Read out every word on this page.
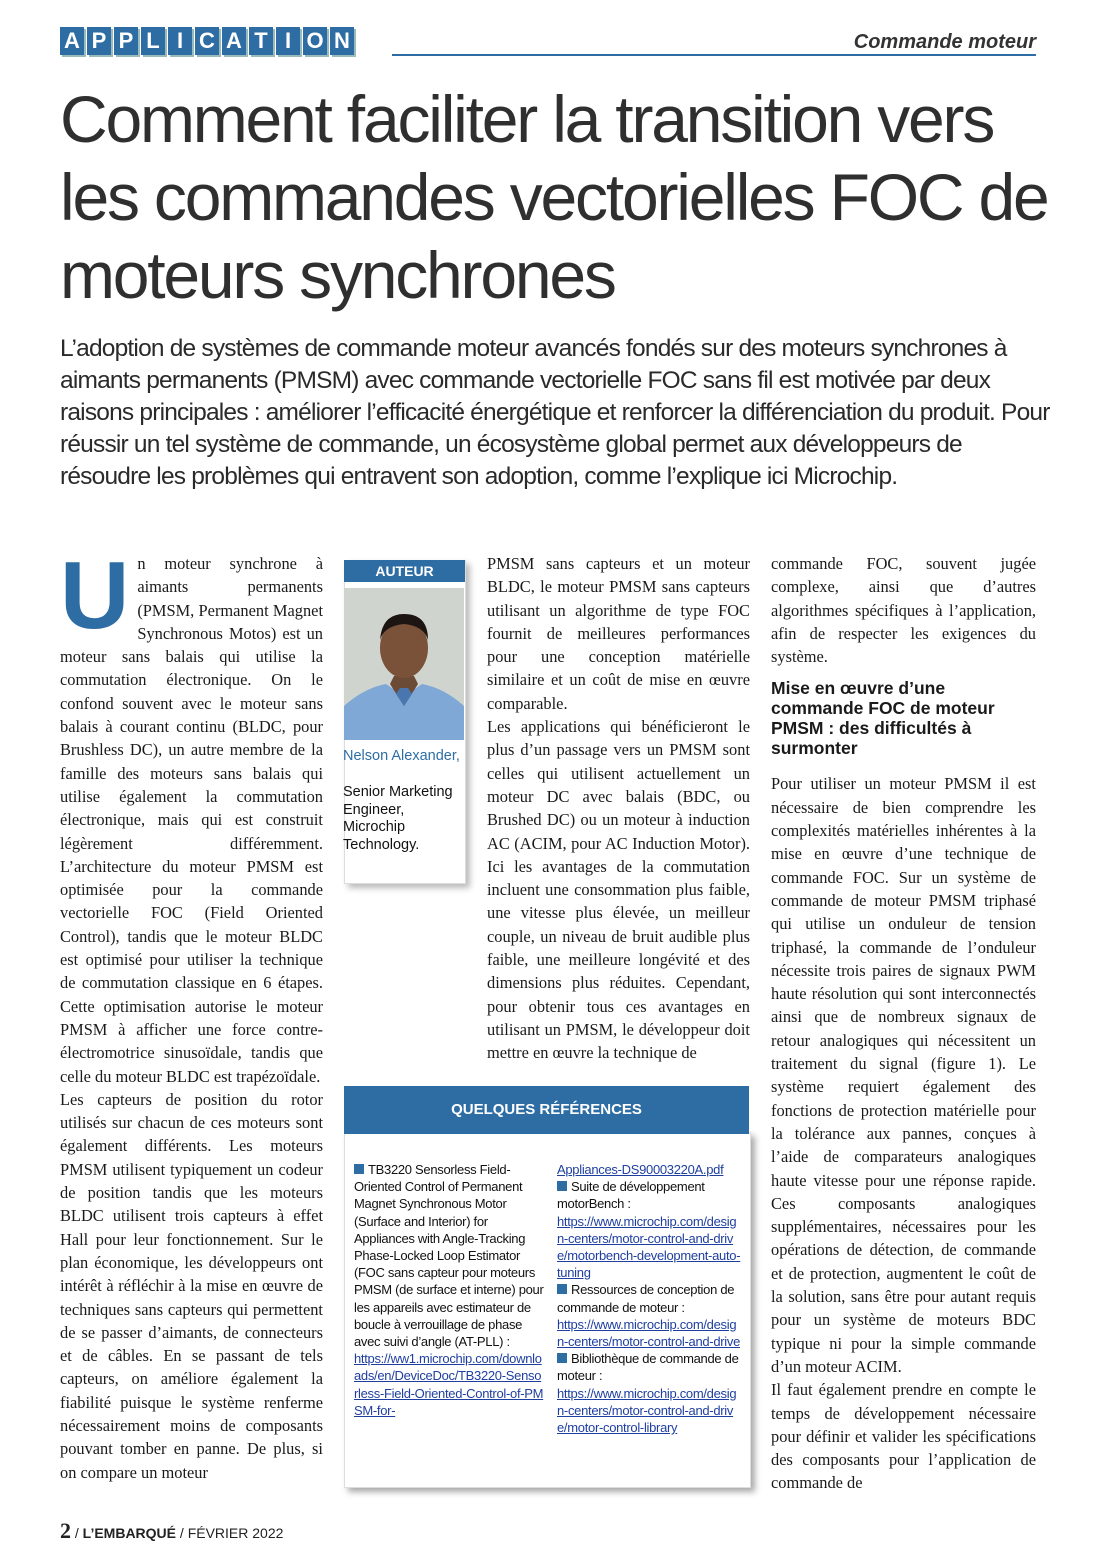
A P P L I C A T I O N	Commande moteur
Comment faciliter la transition vers les commandes vectorielles FOC de moteurs synchrones

L’adoption de systèmes de commande moteur avancés fondés sur des moteurs synchrones à aimants permanents (PMSM) avec commande vectorielle FOC sans fil est motivée par deux raisons principales : améliorer l’efficacité énergétique et renforcer la différenciation du produit. Pour réussir un tel système de commande, un écosystème global permet aux développeurs de résoudre les problèmes qui entravent son adoption, comme l’explique ici Microchip.

U n moteur synchrone à aimants permanents (PMSM, Permanent Magnet Synchronous Motos) est un moteur sans balais qui utilise la commutation électronique. On le confond souvent avec le moteur sans balais à courant continu (BLDC, pour Brushless DC), un autre membre de la famille des moteurs sans balais qui utilise également la commutation électronique, mais qui est construit légèrement différemment. L’architecture du moteur PMSM est optimisée pour la commande vectorielle FOC (Field Oriented Control), tandis que le moteur BLDC est optimisé pour utiliser la technique de commutation classique en 6 étapes. Cette optimisation autorise le moteur PMSM à afficher une force contre-électromotrice sinusoïdale, tandis que celle du moteur BLDC est trapézoïdale.

Les capteurs de position du rotor utilisés sur chacun de ces moteurs sont également différents. Les moteurs PMSM utilisent typiquement un codeur de position tandis que les moteurs BLDC utilisent trois capteurs à effet Hall pour leur fonctionnement. Sur le plan économique, les développeurs ont intérêt à réfléchir à la mise en œuvre de techniques sans capteurs qui permettent de se passer d’aimants, de connecteurs et de câbles. En se passant de tels capteurs, on améliore également la fiabilité puisque le système renferme nécessairement moins de composants pouvant tomber en panne. De plus, si on compare un moteur

AUTEUR
Nelson Alexander,
Senior Marketing Engineer, Microchip Technology.

PMSM sans capteurs et un moteur BLDC, le moteur PMSM sans capteurs utilisant un algorithme de type FOC fournit de meilleures performances pour une conception matérielle similaire et un coût de mise en œuvre comparable.

Les applications qui bénéficieront le plus d’un passage vers un PMSM sont celles qui utilisent actuellement un moteur DC avec balais (BDC, ou Brushed DC) ou un moteur à induction AC (ACIM, pour AC Induction Motor). Ici les avantages de la commutation incluent une consommation plus faible, une vitesse plus élevée, un meilleur couple, un niveau de bruit audible plus faible, une meilleure longévité et des dimensions plus réduites. Cependant, pour obtenir tous ces avantages en utilisant un PMSM, le développeur doit mettre en œuvre la technique de

commande FOC, souvent jugée complexe, ainsi que d’autres algorithmes spécifiques à l’application, afin de respecter les exigences du système.

Mise en œuvre d’une commande FOC de moteur PMSM : des difficultés à surmonter

Pour utiliser un moteur PMSM il est nécessaire de bien comprendre les complexités matérielles inhérentes à la mise en œuvre d’une technique de commande FOC. Sur un système de commande de moteur PMSM triphasé qui utilise un onduleur de tension triphasé, la commande de l’onduleur nécessite trois paires de signaux PWM haute résolution qui sont interconnectés ainsi que de nombreux signaux de retour analogiques qui nécessitent un traitement du signal (figure 1). Le système requiert également des fonctions de protection matérielle pour la tolérance aux pannes, conçues à l’aide de comparateurs analogiques haute vitesse pour une réponse rapide. Ces composants analogiques supplémentaires, nécessaires pour les opérations de détection, de commande et de protection, augmentent le coût de la solution, sans être pour autant requis pour un système de moteurs BDC typique ni pour la simple commande d’un moteur ACIM.

Il faut également prendre en compte le temps de développement nécessaire pour définir et valider les spécifications des composants pour l’application de commande de

QUELQUES RÉFÉRENCES

TB3220 Sensorless Field-Oriented Control of Permanent Magnet Synchronous Motor (Surface and Interior) for Appliances with Angle-Tracking Phase-Locked Loop Estimator (FOC sans capteur pour moteurs PMSM (de surface et interne) pour les appareils avec estimateur de boucle à verrouillage de phase avec suivi d’angle (AT-PLL) :
https://ww1.microchip.com/downloads/en/DeviceDoc/TB3220-Sensorless-Field-Oriented-Control-of-PMSM-for-

Appliances-DS90003220A.pdf

Suite de développement motorBench :
https://www.microchip.com/design-centers/motor-control-and-drive/motorbench-development-auto-tuning

Ressources de conception de commande de moteur :
https://www.microchip.com/design-centers/motor-control-and-drive

Bibliothèque de commande de moteur :
https://www.microchip.com/design-centers/motor-control-and-drive/motor-control-library

2 / L’EMBARQUÉ / FÉVRIER 2022
